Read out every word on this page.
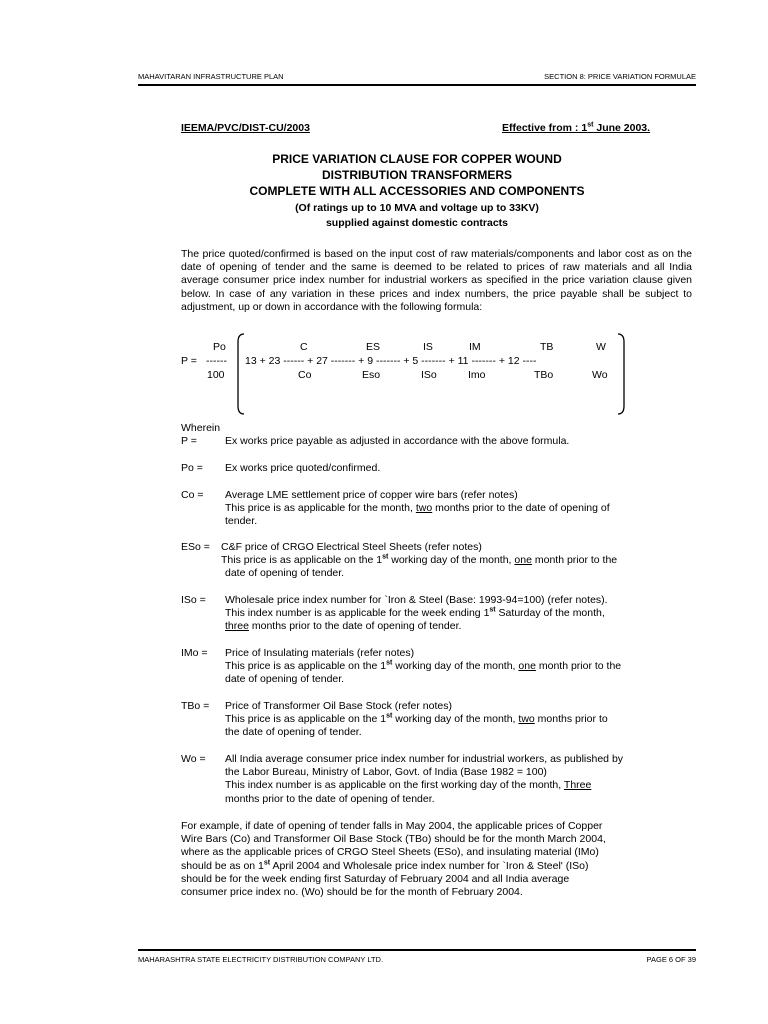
MAHAVITARAN INFRASTRUCTURE PLAN	SECTION 8: PRICE VARIATION FORMULAE
IEEMA/PVC/DIST-CU/2003	Effective from : 1st June 2003.
PRICE VARIATION CLAUSE FOR COPPER WOUND
DISTRIBUTION TRANSFORMERS
COMPLETE WITH ALL ACCESSORIES AND COMPONENTS
(Of ratings up to 10 MVA and voltage up to 33KV)
supplied against domestic contracts
The price quoted/confirmed is based on the input cost of raw materials/components and labor cost as on the date of opening of tender and the same is deemed to be related to prices of raw materials and all India average consumer price index number for industrial workers as specified in the price variation clause given below. In case of any variation in these prices and index numbers, the price payable shall be subject to adjustment, up or down in accordance with the following formula:
Po	C	ES	IS	IM	TB	W
P = ------ 13 + 23 ------ + 27 ------- + 9 ------- + 5 ------- + 11 ------- + 12 ----
100	Co	Eso	ISo	Imo	TBo	Wo
Wherein
P =	Ex works price payable as adjusted in accordance with the above formula.
Po = Ex works price quoted/confirmed.
Co = Average LME settlement price of copper wire bars (refer notes)
This price is as applicable for the month, two months prior to the date of opening of
tender.
ESo = C&F price of CRGO Electrical Steel Sheets (refer notes)
This price is as applicable on the 1st working day of the month, one month prior to the
date of opening of tender.
ISo = Wholesale price index number for `Iron & Steel (Base: 1993-94=100) (refer notes).
This index number is as applicable for the week ending 1st Saturday of the month,
three months prior to the date of opening of tender.
IMo = Price of Insulating materials (refer notes)
This price is as applicable on the 1st working day of the month, one month prior to the
date of opening of tender.
TBo = Price of Transformer Oil Base Stock (refer notes)
This price is as applicable on the 1st working day of the month, two months prior to
the date of opening of tender.
Wo = All India average consumer price index number for industrial workers, as published by
the Labor Bureau, Ministry of Labor, Govt. of India (Base 1982 = 100)
This index number is as applicable on the first working day of the month, Three
months prior to the date of opening of tender.
For example, if date of opening of tender falls in May 2004, the applicable prices of Copper
Wire Bars (Co) and Transformer Oil Base Stock (TBo) should be for the month March 2004,
where as the applicable prices of CRGO Steel Sheets (ESo), and insulating material (IMo)
should be as on 1st April 2004 and Wholesale price index number for `Iron & Steel' (ISo)
should be for the week ending first Saturday of February 2004 and all India average
consumer price index no. (Wo) should be for the month of February 2004.
MAHARASHTRA STATE ELECTRICITY DISTRIBUTION COMPANY LTD.	PAGE 6 OF 39
